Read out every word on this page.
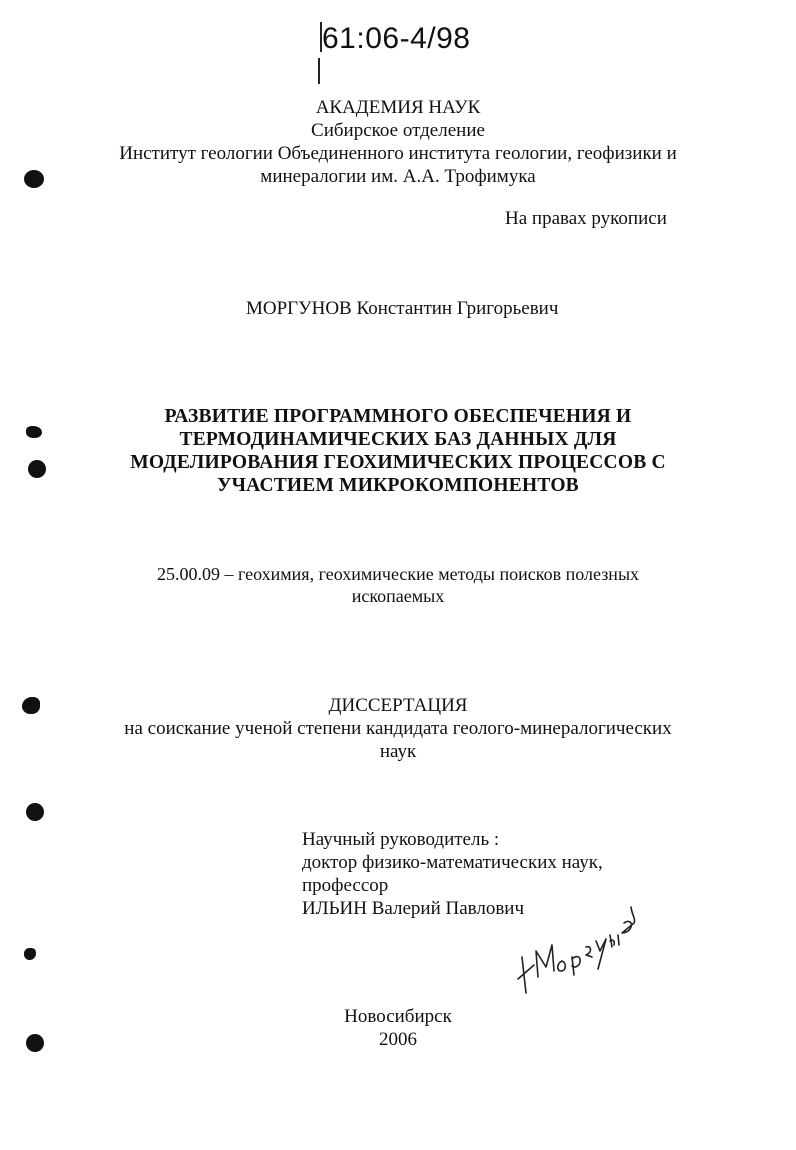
61:06-4/98
АКАДЕМИЯ НАУК
Сибирское отделение
Институт геологии Объединенного института геологии, геофизики и
минералогии им. А.А. Трофимука
На правах рукописи
МОРГУНОВ Константин Григорьевич
РАЗВИТИЕ ПРОГРАММНОГО ОБЕСПЕЧЕНИЯ И
ТЕРМОДИНАМИЧЕСКИХ БАЗ ДАННЫХ ДЛЯ
МОДЕЛИРОВАНИЯ ГЕОХИМИЧЕСКИХ ПРОЦЕССОВ С
УЧАСТИЕМ МИКРОКОМПОНЕНТОВ
25.00.09 – геохимия, геохимические методы поисков полезных
ископаемых
ДИССЕРТАЦИЯ
на соискание ученой степени кандидата геолого-минералогических
наук
Научный руководитель :
доктор физико-математических наук,
профессор
ИЛЬИН Валерий Павлович
Новосибирск
2006
